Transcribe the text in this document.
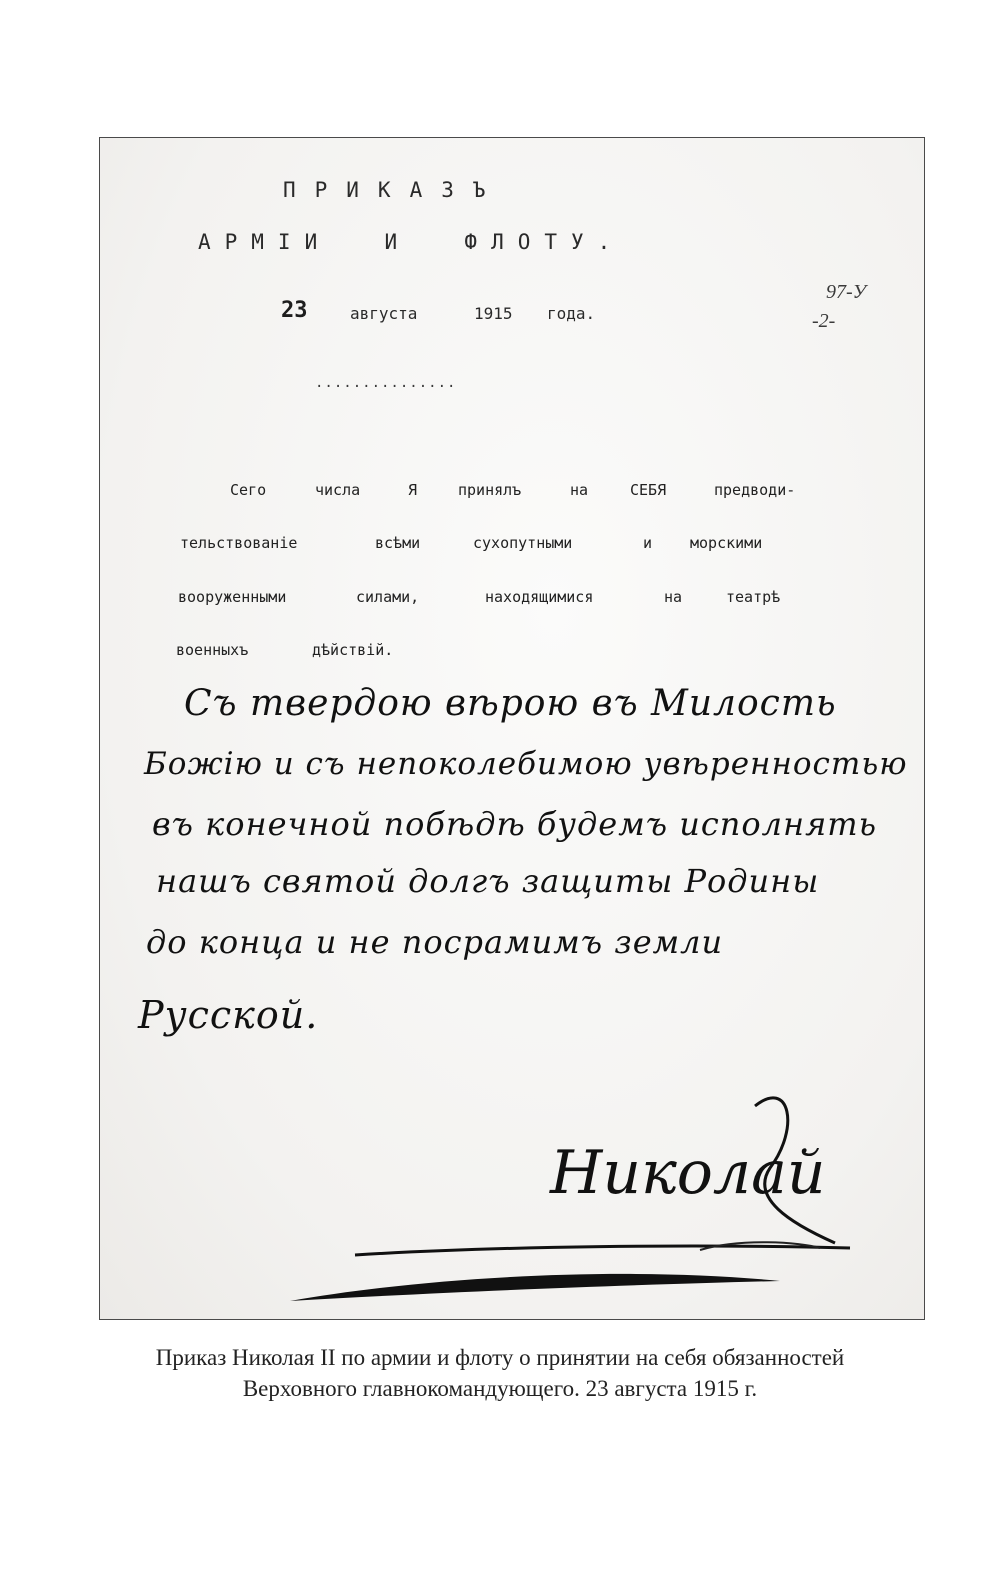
ПРИКАЗЪ
АРМIИ  И  ФЛОТУ.
23	августа	1915 года.
97-У
-2-
...............
Сего	числа	Я	принялъ	на	СЕБЯ	предводи-
тельствованiе	всѣми	сухопутными	и	морскими
вооруженными	силами,	находящимися	на	театрѣ
военныхъ	дѣйствiй.
Съ твердою вѣрою въ Милость
Божiю и съ непоколебимою увѣренностью
въ конечной побѣдѣ будемъ исполнять
нашъ святой долгъ защиты Родины
до конца и не посрамимъ земли
Русской.
Николай
Приказ Николая II по армии и флоту о принятии на себя обязанностей
Верховного главнокомандующего. 23 августа 1915 г.
